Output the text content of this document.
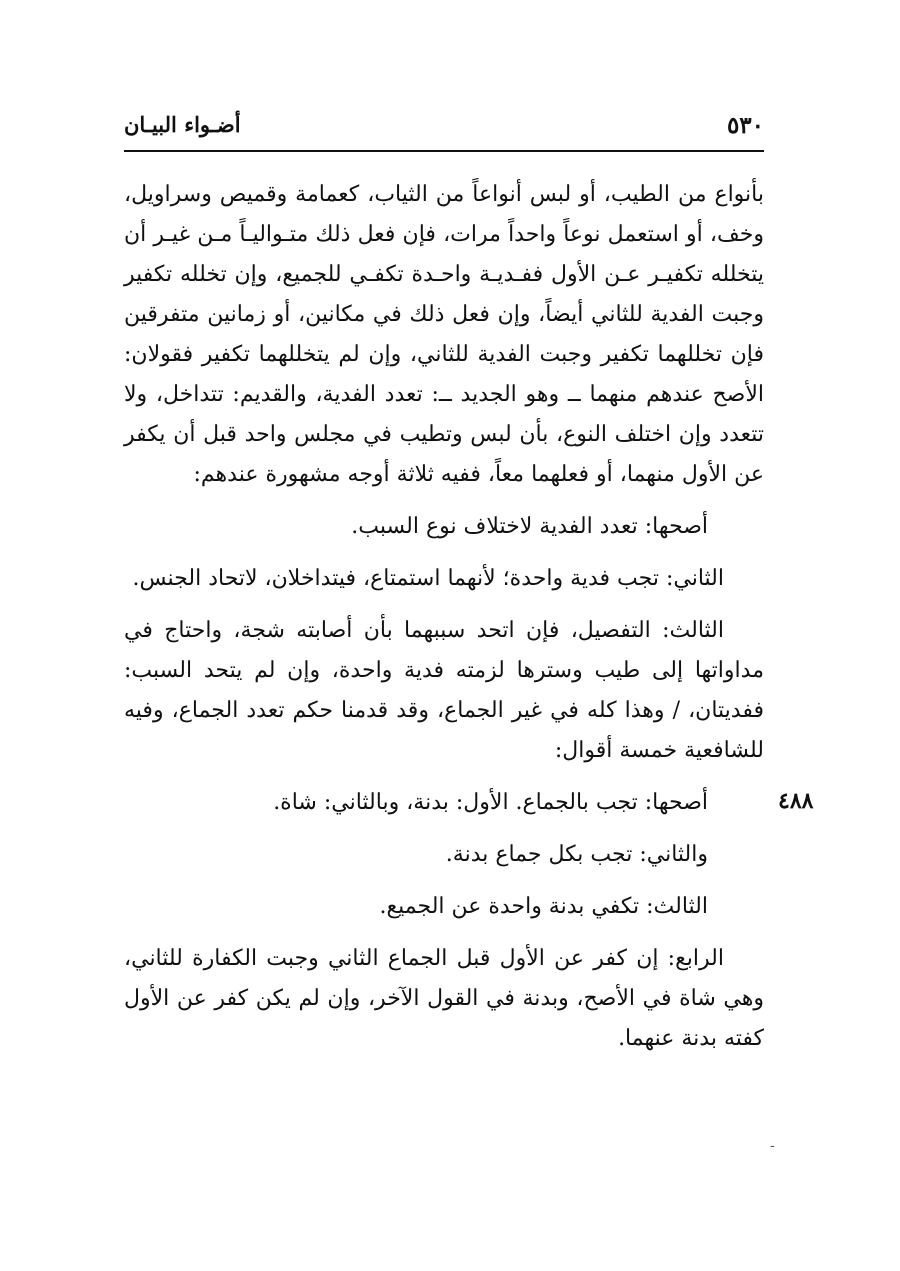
٥٣٠
أضـواء البيـان
٤٨٨

بأنواع من الطيب، أو لبس أنواعاً من الثياب، كعمامة وقميص وسراويل، وخف، أو استعمل نوعاً واحداً مرات، فإن فعل ذلك متـواليـاً مـن غيـر أن يتخلله تكفيـر عـن الأول ففـديـة واحـدة تكفـي للجميع، وإن تخلله تكفير وجبت الفدية للثاني أيضاً، وإن فعل ذلك في مكانين، أو زمانين متفرقين فإن تخللهما تكفير وجبت الفدية للثاني، وإن لم يتخللهما تكفير فقولان: الأصح عندهم منهما ــ وهو الجديد ــ: تعدد الفدية، والقديم: تتداخل، ولا تتعدد وإن اختلف النوع، بأن لبس وتطيب في مجلس واحد قبل أن يكفر عن الأول منهما، أو فعلهما معاً، ففيه ثلاثة أوجه مشهورة عندهم:

أصحها: تعدد الفدية لاختلاف نوع السبب.

الثاني: تجب فدية واحدة؛ لأنهما استمتاع، فيتداخلان، لاتحاد الجنس.

الثالث: التفصيل، فإن اتحد سببهما بأن أصابته شجة، واحتاج في مداواتها إلى طيب وسترها لزمته فدية واحدة، وإن لم يتحد السبب: ففديتان، / وهذا كله في غير الجماع، وقد قدمنا حكم تعدد الجماع، وفيه للشافعية خمسة أقوال:

أصحها: تجب بالجماع. الأول: بدنة، وبالثاني: شاة.

والثاني: تجب بكل جماع بدنة.

الثالث: تكفي بدنة واحدة عن الجميع.

الرابع: إن كفر عن الأول قبل الجماع الثاني وجبت الكفارة للثاني، وهي شاة في الأصح، وبدنة في القول الآخر، وإن لم يكن كفر عن الأول كفته بدنة عنهما.

-
